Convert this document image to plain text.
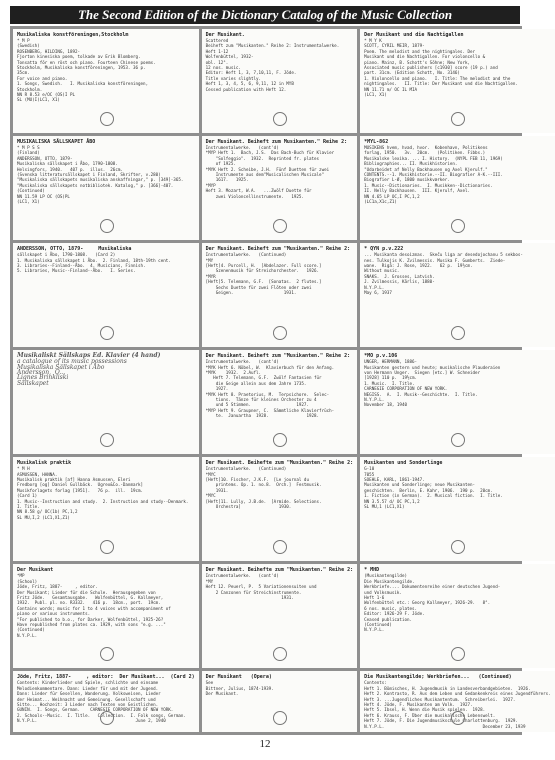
The Second Edition of the Dictionary Catalog of the Music Collection
Musikaliska konstföreningen,Stockholm
* M P
(Swedish)
ROSENBERG, HILDING, 1892-
Fjorton kinesiska poem, tolkade av Erik Blomberg.
Tonsatta för en röst och piano. Fourteen Chinese poems.
Stockholm, Musikaliska konstföreningen, 1953. 36 p.
35cm.
For voice and piano.
1. Songs, Swedish.   I. Musikaliska konstföreningen,
Stockholm.
NN R 8.53 e/OC (OS)I PL
SL (MU)I(LC1, X1)
Der Musikant.
Scattered
Beiheft zum "Musikanten." Reihe 2: Instrumentalwerke.
Heft 1-12
Wolfenbüttel, 1932-
obl. 12°.
12 nos. music.
Editor: Heft 1, 3, 7,10,11, F. Jöde.
Title varies slightly.
Heft 1, 3, 4, 5, 6, 9,11, 12 in MYB
Cessed publication with Heft 12.
Der Musikant und die Nachtigallen
* M Y K
SCOTT, CYRIL MEIR, 1879-
Poem. The melodist and the nightingales. Der
Musikant und die Nachtigallen. For violoncello &
piano. Mainz, B. Schott's Söhne; New York,
Associated music publishers [c1930] score (19 p.) and
part. 31cm. (Edition Schott, No. 3146)
1. Violoncello and piano.   I. Title: The melodist and the
nightingales.   II. Title: Der Musikant und die Nachtigallen.
NN 11.71 m/ OC IL MIA
(LC1, X1)
MUSIKALISKA SÄLLSKAPET ÅBO
* M P S S
(Finland)
ANDERSSON, OTTO, 1879-
Musikaliska sällskapet i Åbo, 1790-1808.
Helsingfors, 1940.   407 p.  illus.  26cm.
(Svenska litteratursällskapet i Finland, Skrifter, v.280)
"Musikaliska sällskapets musikaliska anskaffningar," p. [349]-365.
"Musikaliska sällskapets notbibliotek. Katalog," p. [366]-407.
(Continued)
NN 11.59 LP OC (OS)PL
(LC1, X1)
Der Musikant. Beiheft zum Musikanten." Reihe 2:
Instrumentalwerke.   (cont'd)
*MYP Heft 1.  Bach, J.S.  Das Bach-Buch für Klavier
"Solfeggio".  1932.  Reprinted fr. plates
of 1925.
*MYK Heft 2. Scheibe, J.H.  Fünf Duetten für zwei
Instrumente aus dem"Musicalischen Musicale"
1617.   1925.
*MYP
Heft 3. Mozart, W.A.   ...Zwölf Duette für
zwei Violoncellinstrumente.   1925.
*MYL-862
MUSIKENS hvem, hvad, hvor.  Kobenhavn, Politikens
forlag, 1950.   3v.  20cm.   (Politiken. Fibbs.)
Musikalske lexika. ... I. History.  (NYPL FEB 11, 1969)
Bibliographies... II. Musikhistorien.
"Udarbeidet af Nelly Backhausen og Axel Kjerulf."
CONTENTS.--1. Musikhistorie.--II. Biografier A-K.--III.
Biografier L-Ø, 1800 musikkværker.
1. Music--Dictionaries.  I. Musikken--Dictionaries.
II. Nelly Backhausen.  III. Kjerulf, Axel.
NN 4.65 LP OC,I PC,1,2
(LC1a,X1c,Z1)
ANDERSSON, OTTO, 1879-     Musikaliska
sällskapet i Åbo, 1790-1808.   (Card 2)
1. Musikaliska sällskapet i Åbo.  2. Finland, 18th-19th cent.
3. Libraries--Finland--Åbo.  4. Musicians, Finnish.
5. Libraries, Music--Finland--Åbo.   I. Series.
Der Musikant. Beiheft zum "Musikanten." Reihe 2:
Instrumentalwerke.   (Continued)
*MY
[Heft]4. Purcell, H.  [Abdelazer. Full score.]
Szenenmusik für Streichorchester.   1926.
*MYR
[Heft]5. Telemann, G.F.  [Sonatas.  2 flutes.]
Sechs Duette für zwei Flöten oder zwei
Geigen.                    1931.
* QYN p.v.222
... Musikanta desoizmas.  Skeču liga ar desedojochanu 5 sekbos-
nes. Tulkojis K. Zvilmessis. Musika F. Gumberts.  Ziede-
wane.  Rigā: J. Rose, 1922.   62 p.  19½cm.
Without music.
SNAKS.  J. Grosses, Latvish.
J. Zvilmessis, Kārlis, 1880-
N.Y.P.L.
May 6, 1937
Musikaliskt Sällskaps Ed. Klavier (4 hand)
a catalogue of its music possessions
Musikaliska Sällskapet i Åbo
Andersson,  O...
Lignes Brinkliski
Sällskapet
Der Musikant. Beiheft zum "Musikanten." Reihe 2:
Instrumentalwerke.   (cont'd)
*MYK Heft 6. Nöbel, W.  Klavierbuch für den Anfang.
*MYK    1932.  2.Aufl.
Heft 7. Telemann, G.F.  Zwölf Fantasien für
die Geige allein aus dem Jahre 1735.
1927.
*MYK Heft 8. Praetorius, M.  Terpsichore.  Selec-
tions.  Tänze für kleines Orchester zu 4
und 5 Stimmen.                  1927.
*MYP Heft 9. Graupner, C.  Sämmtliche Klavierfrüch-
te.  Januartha  1928.               1928.
*MO p.v.106
UNGER, HERMANN, 1886-
Musikanten gestern und heute; musikalische Plauderaien
von Hermann Unger.  Siegen [etc.] W. Schneider
[1928] 110 p.  19½cm.
1. Music.  I. Title.
CARNEGIE CORPORATION OF NEW YORK.
NEGISS.  A.  I. Musik--Geschichte.  I. Title.
N.Y.P.L.
November 18, 1940
Musikalisk praktik
* M H
ASMUSSEN, HANNA.
Musikalisk praktik [af] Hanna Asmussen, Eleri
Fredborg [og] Daniel Gullbäck.  Ugrex&Co.-Danmark]
Musikforlagets forlag [1951].   76 p.  ill.  19cm.
(Card 1)
1. Music--Instruction and study.  2. Instruction and study--Denmark.
I. Title.
NN 8.58 g/ OC(1b) PC,1,2
SL MU,I,2 (LC1,X1,Z1)
Der Musikant. Beihefte zum "Musikanten." Reihe 2:
Instrumentalwerke.   (Continued)
*MYC
[Heft]10. Fischer, J.K.F.  [Le journal du
printems. Op. 1. no.8.  Orch.]  Festmusik.
1931.
*MYC
[Heft]11. Lully, J.B.de.  [Armide. Selections.
Orchestra]               1930.
Musikanten und Sonderlinge
G-10
7055
SOEHLE, KARL, 1861-1947.
Musikanten und Sonderlinge; neue Musikanten-
geschichten.  Berlin, E. Kahr, 1906.  190 p.  20cm.
1. Fiction (in German).  2. Musical fiction.  I. Title.
NN 3.5.57 d/ OC PC,1,2
SL MU,1 (LC1,X1)
Der Musikant
*MP
(School)
Jöde, Fritz, 1887-     , editor.
Der Musikant; Lieder für die Schule.  Herausgegeben von
Fritz Jöde.   Gesamtausgabe.   Wolfenbüttel, G. Kallmeyer,
1932.  Publ. pl. no. R3332.   416 p.  18cm., port.  19cm.
Contains words; music for 1 to 4 voices with accompaniment of
piano or various instruments.
"For published to b.o., for Darker, Wolfenbüttel, 1925-26?
Have republished from plates ca. 1929, with sons "e.g. ..."
(Continued)
N.Y.P.L.
Der Musikant. Beihefte zum "Musikanten." Reihe 2:
Instrumentalwerke.   (cont'd)
*MY
Heft 12. Peuerl, P.  5 Variationensuiten und
2 Canzonen für Streichinstrumente.
1931.
* MHD
(Musikantengilde)
Die Musikantengilde.
Werkbriefe.... Dokumentenreihe einer deutschen Jugend-
und Volksmusik.
Heft 1-6
Wolfenbüttel etc.: Georg Kallmeyer, 1926-29.   8°.
6 nos. music, plates.
Editor: 1926-29 F. Jöde.
Ceased publication.
(Continued)
N.Y.P.L.
Jöde, Fritz, 1887-     , editor:  Der Musikant...  (Card 2)
Contents: Kinderlieder und Spiele, schlichte und einsame
Melodienkommentare. Dann: Lieder für und mit der Jugend.
Dann: Lieder für Gesellen, Wanderung. Volksweisen, Lieder
der Heimat... Weihnacht und Gemeinung. Gesellschaft und
Sitte... Hochzeit: 3 Lieder nach Texten von Geistlichen.
GUNIN.  I. Songs, German.    CARNEGIE CORPORATION OF NEW YORK.
2. Schools--Music.  I. Title.   Collection.  I. Folk songs, German.
N.Y.P.L.                                       June 2, 1940
Der Musikant   (Opera)
See
Bittner, Julius, 1874-1939.
Der Musikant.
Die Musikantengilde; Werkbriefen...   (Continued)
Contents:
Heft 1. Bömisches, H. Jugendmusik in Landesverbandgebieten.  1926.
Heft 2. Kontrasto, R. Aus dem Leben und Gedankenkreis eines Jugendführers.
Heft 3. ...Jugendliches Musikantentum.  Schreiberlei.  1927.
Heft 4. Jöde, F. Musikanten am Volk.  1927.
Heft 5. Ibsel, H. Wenn die Musik spielen.  1928.
Heft 6. Krauss, F. Über die musikalische Lebenswelt.
Heft 7. Jöde, F. Die Jugendmusikschule Charlottenburg.  1929.
N.Y.P.L.                                       December 23, 1939
12
